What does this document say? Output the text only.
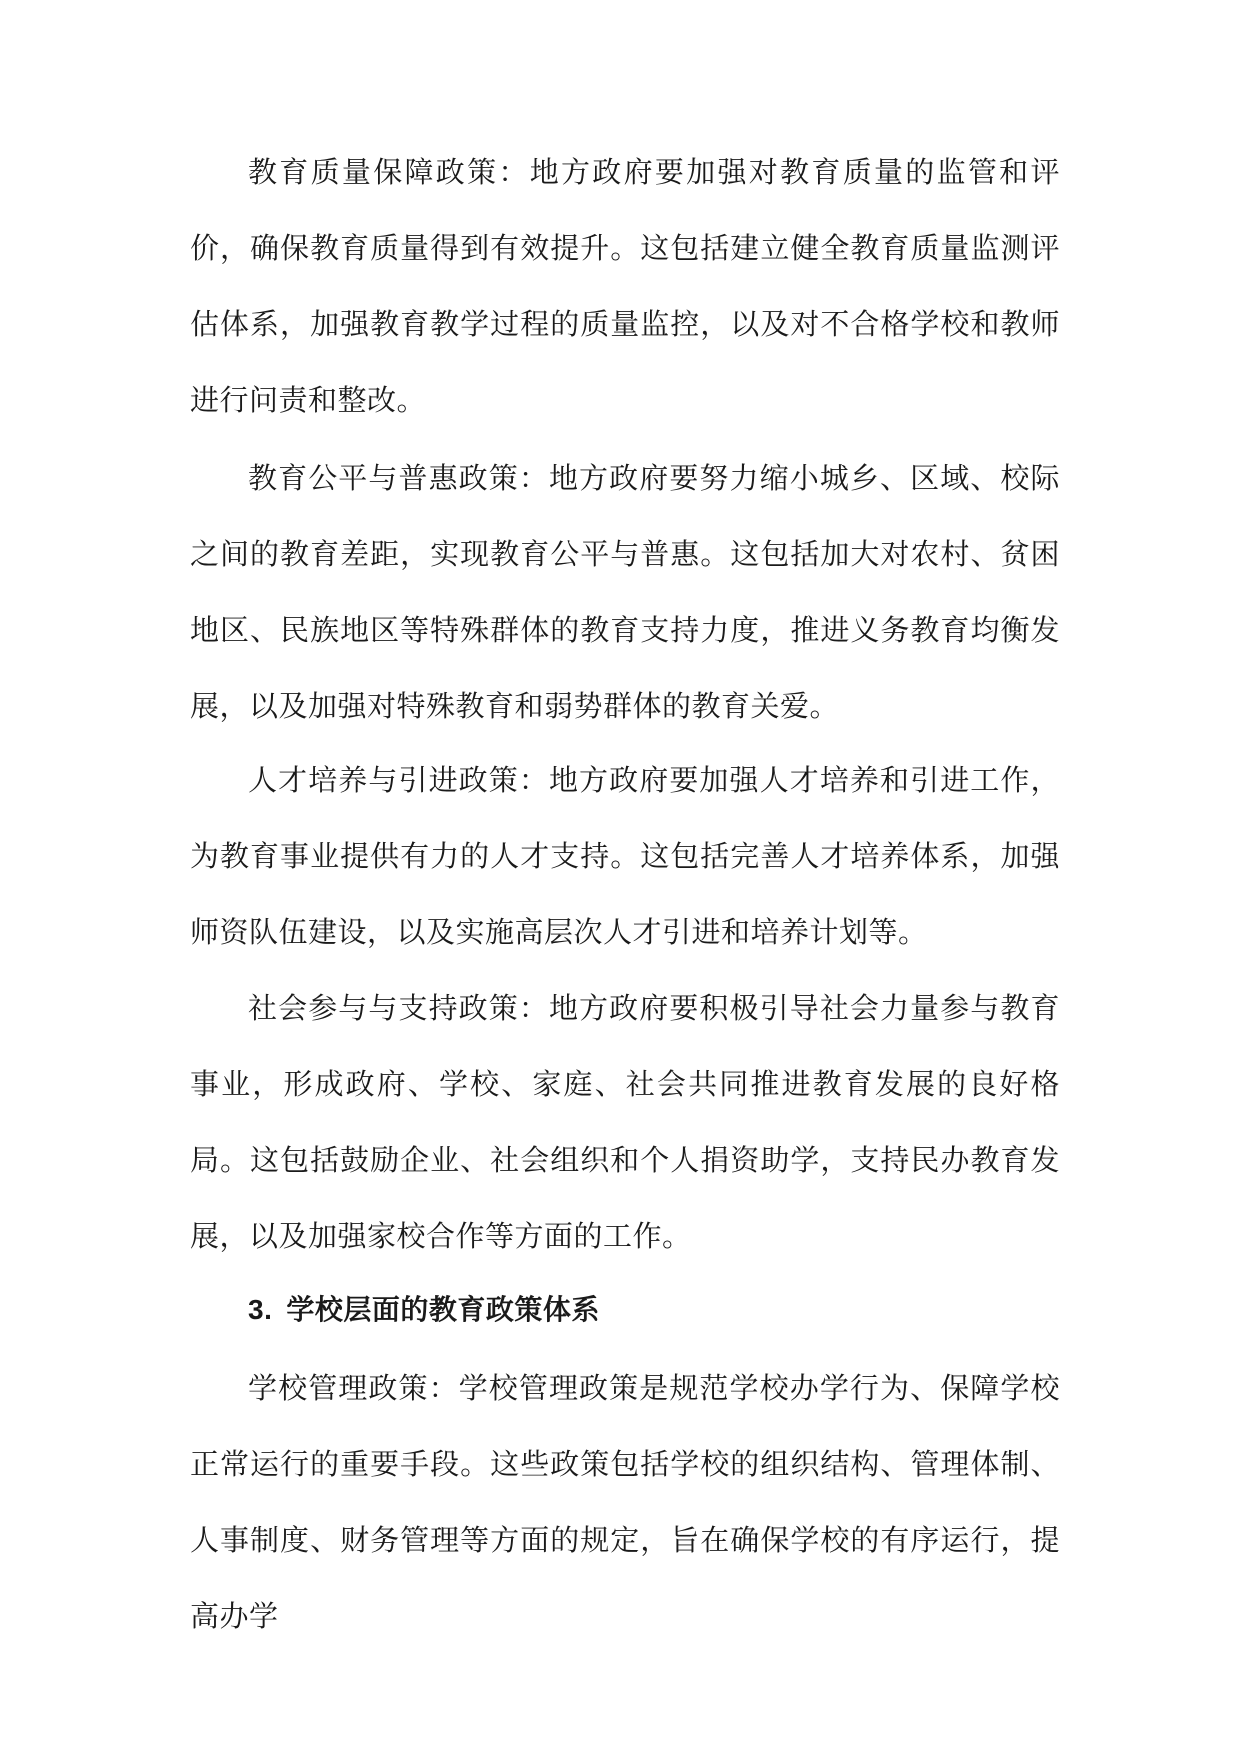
教育质量保障政策：地方政府要加强对教育质量的监管和评价，确保教育质量得到有效提升。这包括建立健全教育质量监测评估体系，加强教育教学过程的质量监控，以及对不合格学校和教师进行问责和整改。

教育公平与普惠政策：地方政府要努力缩小城乡、区域、校际之间的教育差距，实现教育公平与普惠。这包括加大对农村、贫困地区、民族地区等特殊群体的教育支持力度，推进义务教育均衡发展，以及加强对特殊教育和弱势群体的教育关爱。

人才培养与引进政策：地方政府要加强人才培养和引进工作，为教育事业提供有力的人才支持。这包括完善人才培养体系，加强师资队伍建设，以及实施高层次人才引进和培养计划等。

社会参与与支持政策：地方政府要积极引导社会力量参与教育事业，形成政府、学校、家庭、社会共同推进教育发展的良好格局。这包括鼓励企业、社会组织和个人捐资助学，支持民办教育发展，以及加强家校合作等方面的工作。

3. 学校层面的教育政策体系

学校管理政策：学校管理政策是规范学校办学行为、保障学校正常运行的重要手段。这些政策包括学校的组织结构、管理体制、人事制度、财务管理等方面的规定，旨在确保学校的有序运行，提高办学
